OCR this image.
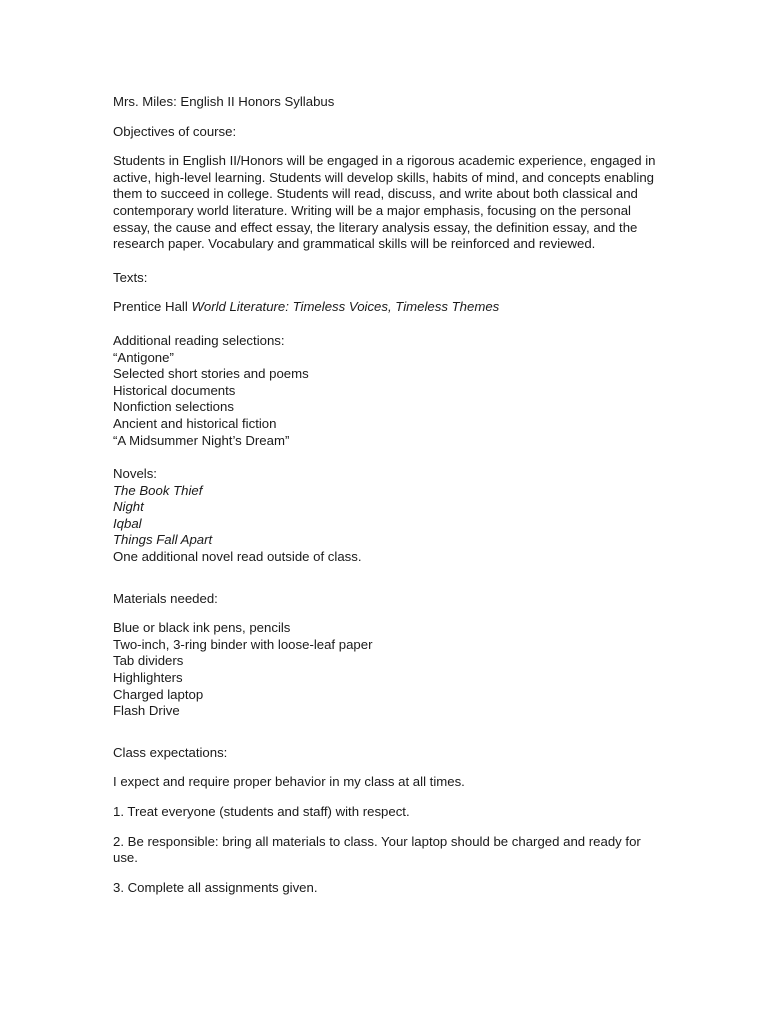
Mrs. Miles: English II Honors Syllabus

Objectives of course:

Students in English II/Honors will be engaged in a rigorous academic experience, engaged in active, high-level learning. Students will develop skills, habits of mind, and concepts enabling them to succeed in college. Students will read, discuss, and write about both classical and contemporary world literature. Writing will be a major emphasis, focusing on the personal essay, the cause and effect essay, the literary analysis essay, the definition essay, and the research paper. Vocabulary and grammatical skills will be reinforced and reviewed.

Texts:

Prentice Hall World Literature: Timeless Voices, Timeless Themes

Additional reading selections:
“Antigone”
Selected short stories and poems
Historical documents
Nonfiction selections
Ancient and historical fiction
“A Midsummer Night’s Dream”
Novels:
The Book Thief
Night
Iqbal
Things Fall Apart
One additional novel read outside of class.

Materials needed:

Blue or black ink pens, pencils
Two-inch, 3-ring binder with loose-leaf paper
Tab dividers
Highlighters
Charged laptop
Flash Drive

Class expectations:

I expect and require proper behavior in my class at all times.

1. Treat everyone (students and staff) with respect.

2. Be responsible: bring all materials to class. Your laptop should be charged and ready for use.

3. Complete all assignments given.
